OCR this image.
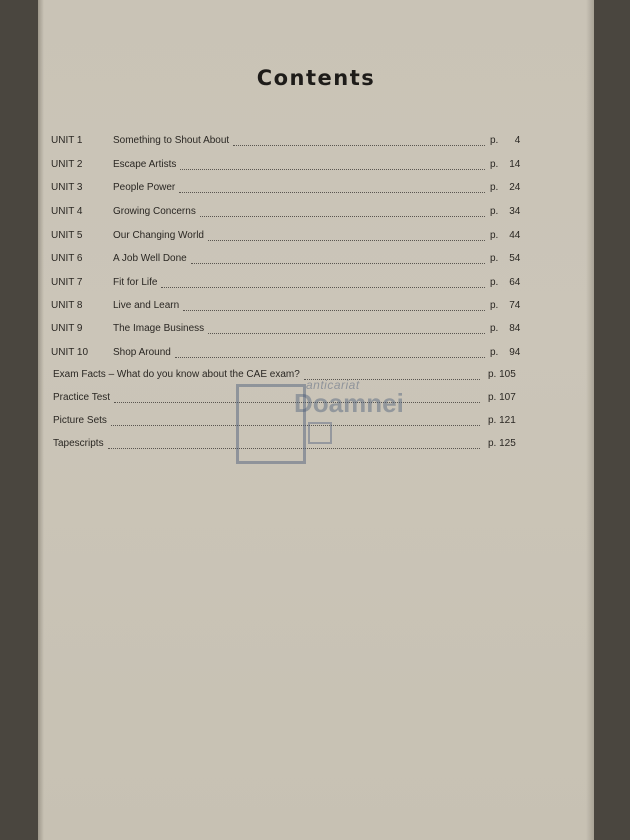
Contents
UNIT 1	Something to Shout About	p. 4
UNIT 2	Escape Artists	p. 14
UNIT 3	People Power	p. 24
UNIT 4	Growing Concerns	p. 34
UNIT 5	Our Changing World	p. 44
UNIT 6	A Job Well Done	p. 54
UNIT 7	Fit for Life	p. 64
UNIT 8	Live and Learn	p. 74
UNIT 9	The Image Business	p. 84
UNIT 10 Shop Around	p. 94
Exam Facts – What do you know about the CAE exam?	p. 105
Practice Test	p. 107
Picture Sets	p. 121
Tapescripts	p. 125
anticariat
Doamnei
